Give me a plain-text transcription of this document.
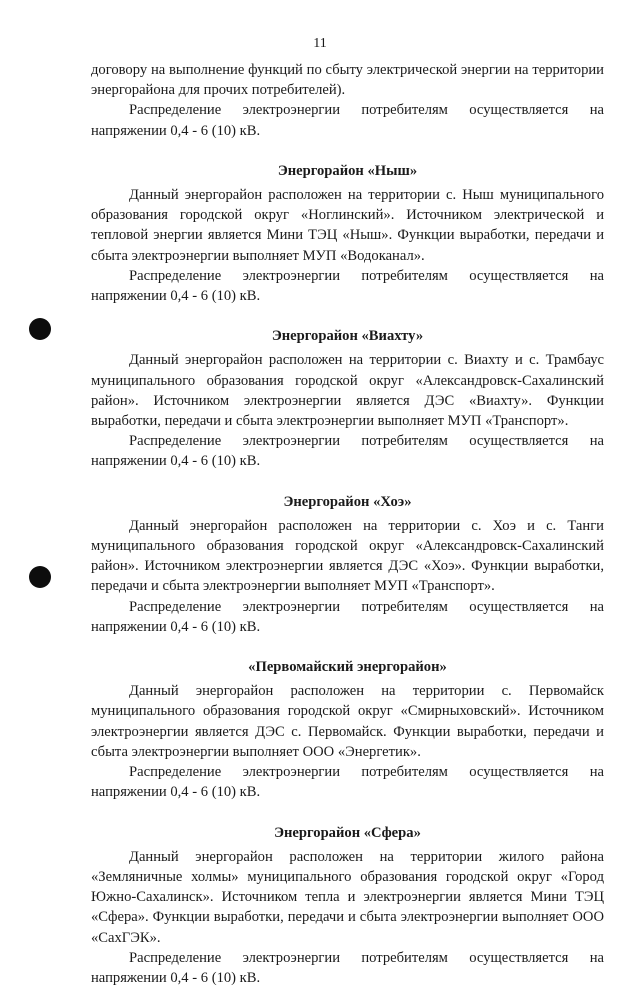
11

договору на выполнение функций по сбыту электрической энергии на территории энергорайона для прочих потребителей).

Распределение электроэнергии потребителям осуществляется на напряжении 0,4 - 6 (10) кВ.

Энергорайон «Ныш»

Данный энергорайон расположен на территории с. Ныш муниципального образования городской округ «Ноглинский». Источником электрической и тепловой энергии является Мини ТЭЦ «Ныш». Функции выработки, передачи и сбыта электроэнергии выполняет МУП «Водоканал».

Распределение электроэнергии потребителям осуществляется на напряжении 0,4 - 6 (10) кВ.

Энергорайон «Виахту»

Данный энергорайон расположен на территории с. Виахту и с. Трамбаус муниципального образования городской округ «Александровск-Сахалинский район». Источником электроэнергии является ДЭС «Виахту». Функции выработки, передачи и сбыта электроэнергии выполняет МУП «Транспорт».

Распределение электроэнергии потребителям осуществляется на напряжении 0,4 - 6 (10) кВ.

Энергорайон «Хоэ»

Данный энергорайон расположен на территории с. Хоэ и с. Танги муниципального образования городской округ «Александровск-Сахалинский район». Источником электроэнергии является ДЭС «Хоэ». Функции выработки, передачи и сбыта электроэнергии выполняет МУП «Транспорт».

Распределение электроэнергии потребителям осуществляется на напряжении 0,4 - 6 (10) кВ.

«Первомайский энергорайон»

Данный энергорайон расположен на территории с. Первомайск муниципального образования городской округ «Смирныховский». Источником электроэнергии является ДЭС с. Первомайск. Функции выработки, передачи и сбыта электроэнергии выполняет ООО «Энергетик».

Распределение электроэнергии потребителям осуществляется на напряжении 0,4 - 6 (10) кВ.

Энергорайон «Сфера»

Данный энергорайон расположен на территории жилого района «Земляничные холмы» муниципального образования городской округ «Город Южно-Сахалинск». Источником тепла и электроэнергии является Мини ТЭЦ «Сфера». Функции выработки, передачи и сбыта электроэнергии выполняет ООО «СахГЭК».

Распределение электроэнергии потребителям осуществляется на напряжении 0,4 - 6 (10) кВ.
